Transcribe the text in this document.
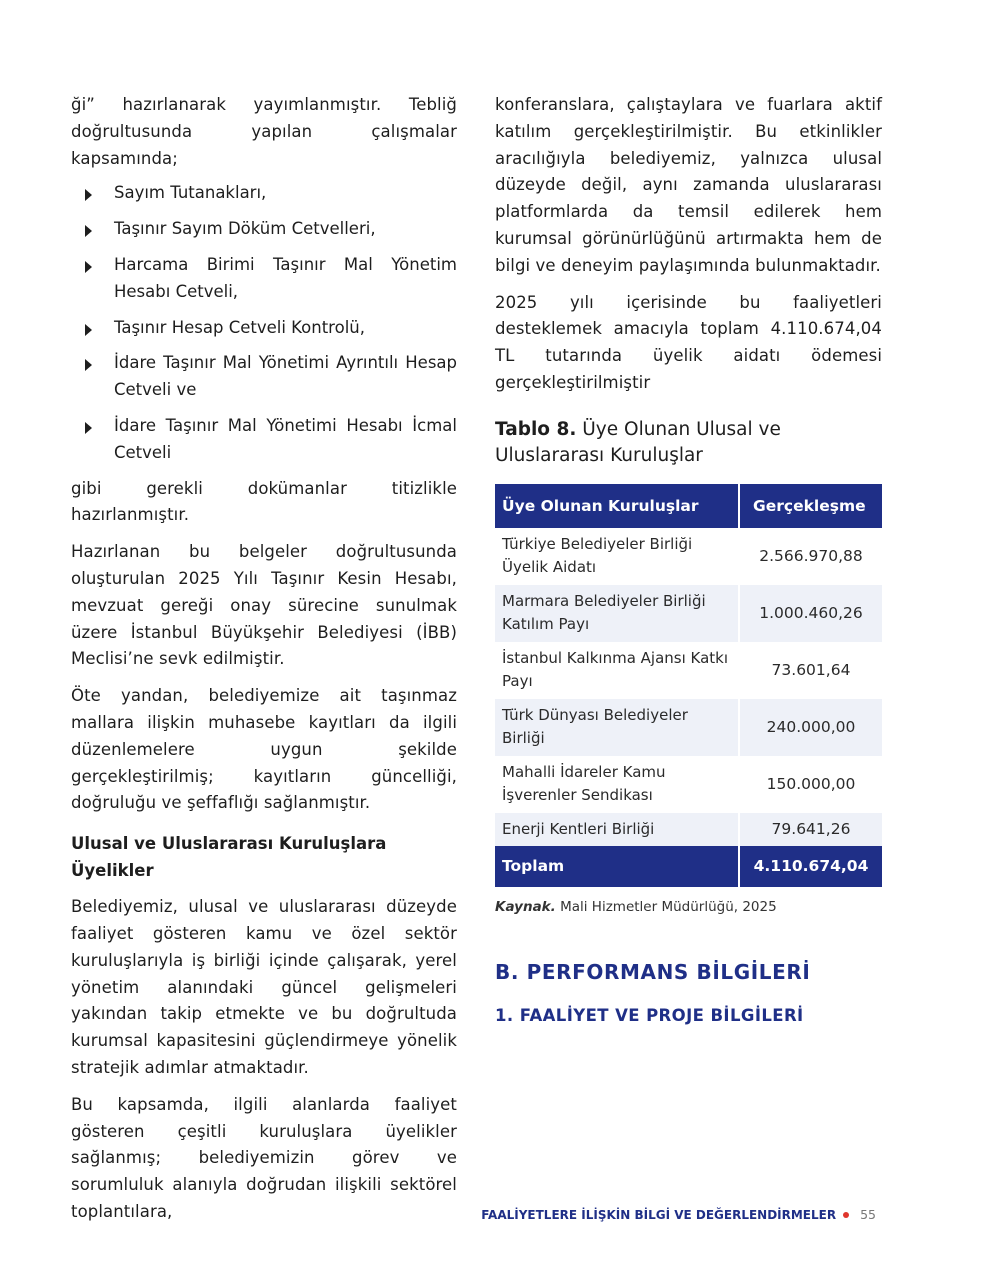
ği” hazırlanarak yayımlanmıştır. Tebliğ doğrultusunda yapılan çalışmalar kapsamında;

Sayım Tutanakları,
Taşınır Sayım Döküm Cetvelleri,
Harcama Birimi Taşınır Mal Yönetim Hesabı Cetveli,
Taşınır Hesap Cetveli Kontrolü,
İdare Taşınır Mal Yönetimi Ayrıntılı Hesap Cetveli ve
İdare Taşınır Mal Yönetimi Hesabı İcmal Cetveli

gibi gerekli dokümanlar titizlikle hazırlanmıştır.

Hazırlanan bu belgeler doğrultusunda oluşturulan 2025 Yılı Taşınır Kesin Hesabı, mevzuat gereği onay sürecine sunulmak üzere İstanbul Büyükşehir Belediyesi (İBB) Meclisi’ne sevk edilmiştir.

Öte yandan, belediyemize ait taşınmaz mallara ilişkin muhasebe kayıtları da ilgili düzenlemelere uygun şekilde gerçekleştirilmiş; kayıtların güncelliği, doğruluğu ve şeffaflığı sağlanmıştır.

Ulusal ve Uluslararası Kuruluşlara Üyelikler

Belediyemiz, ulusal ve uluslararası düzeyde faaliyet gösteren kamu ve özel sektör kuruluşlarıyla iş birliği içinde çalışarak, yerel yönetim alanındaki güncel gelişmeleri yakından takip etmekte ve bu doğrultuda kurumsal kapasitesini güçlendirmeye yönelik stratejik adımlar atmaktadır.

Bu kapsamda, ilgili alanlarda faaliyet gösteren çeşitli kuruluşlara üyelikler sağlanmış; belediyemizin görev ve sorumluluk alanıyla doğrudan ilişkili sektörel toplantılara,

konferanslara, çalıştaylara ve fuarlara aktif katılım gerçekleştirilmiştir. Bu etkinlikler aracılığıyla belediyemiz, yalnızca ulusal düzeyde değil, aynı zamanda uluslararası platformlarda da temsil edilerek hem kurumsal görünürlüğünü artırmakta hem de bilgi ve deneyim paylaşımında bulunmaktadır.

2025 yılı içerisinde bu faaliyetleri desteklemek amacıyla toplam 4.110.674,04 TL tutarında üyelik aidatı ödemesi gerçekleştirilmiştir

Tablo 8. Üye Olunan Ulusal ve Uluslararası Kuruluşlar
Üye Olunan Kuruluşlar	Gerçekleşme
Türkiye Belediyeler Birliği Üyelik Aidatı	2.566.970,88
Marmara Belediyeler Birliği Katılım Payı	1.000.460,26
İstanbul Kalkınma Ajansı Katkı Payı	73.601,64
Türk Dünyası Belediyeler Birliği	240.000,00
Mahalli İdareler Kamu İşverenler Sendikası	150.000,00
Enerji Kentleri Birliği	79.641,26
Toplam	4.110.674,04
Kaynak. Mali Hizmetler Müdürlüğü, 2025
B. PERFORMANS BİLGİLERİ
1. FAALİYET VE PROJE BİLGİLERİ
FAALİYETLERE İLİŞKİN BİLGİ VE DEĞERLENDİRMELER 55
